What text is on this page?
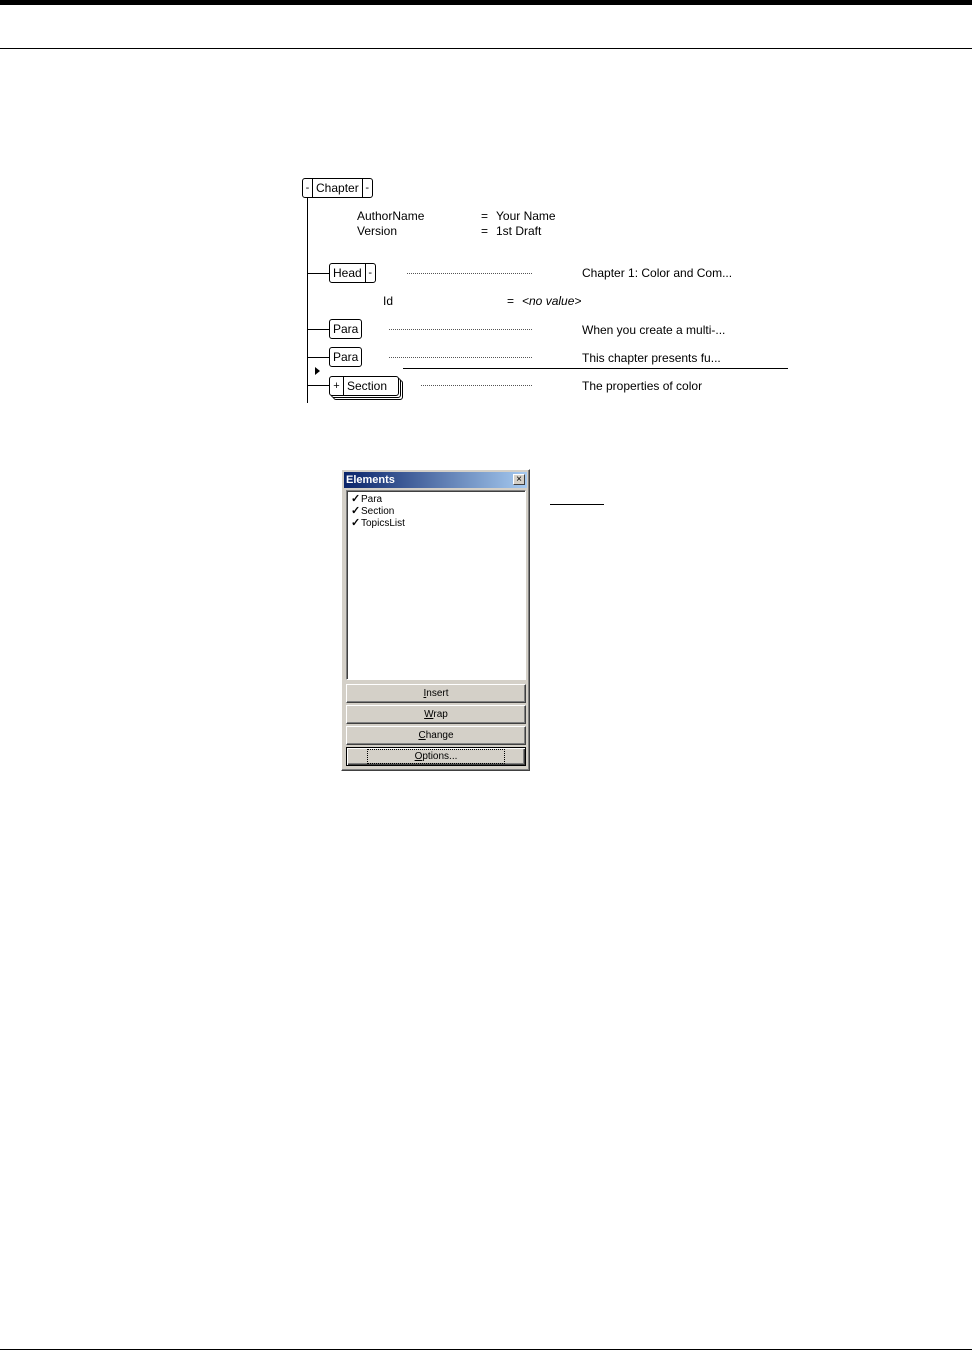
- Chapter -
AuthorName	= Your Name
Version	= 1st Draft
Head -	Chapter 1: Color and Com...
Id	= <no value>
Para	When you create a multi-...
Para	This chapter presents fu...
+ Section	The properties of color
Elements	×
✓Para
✓Section
✓TopicsList
Insert
Wrap
Change
Options...
